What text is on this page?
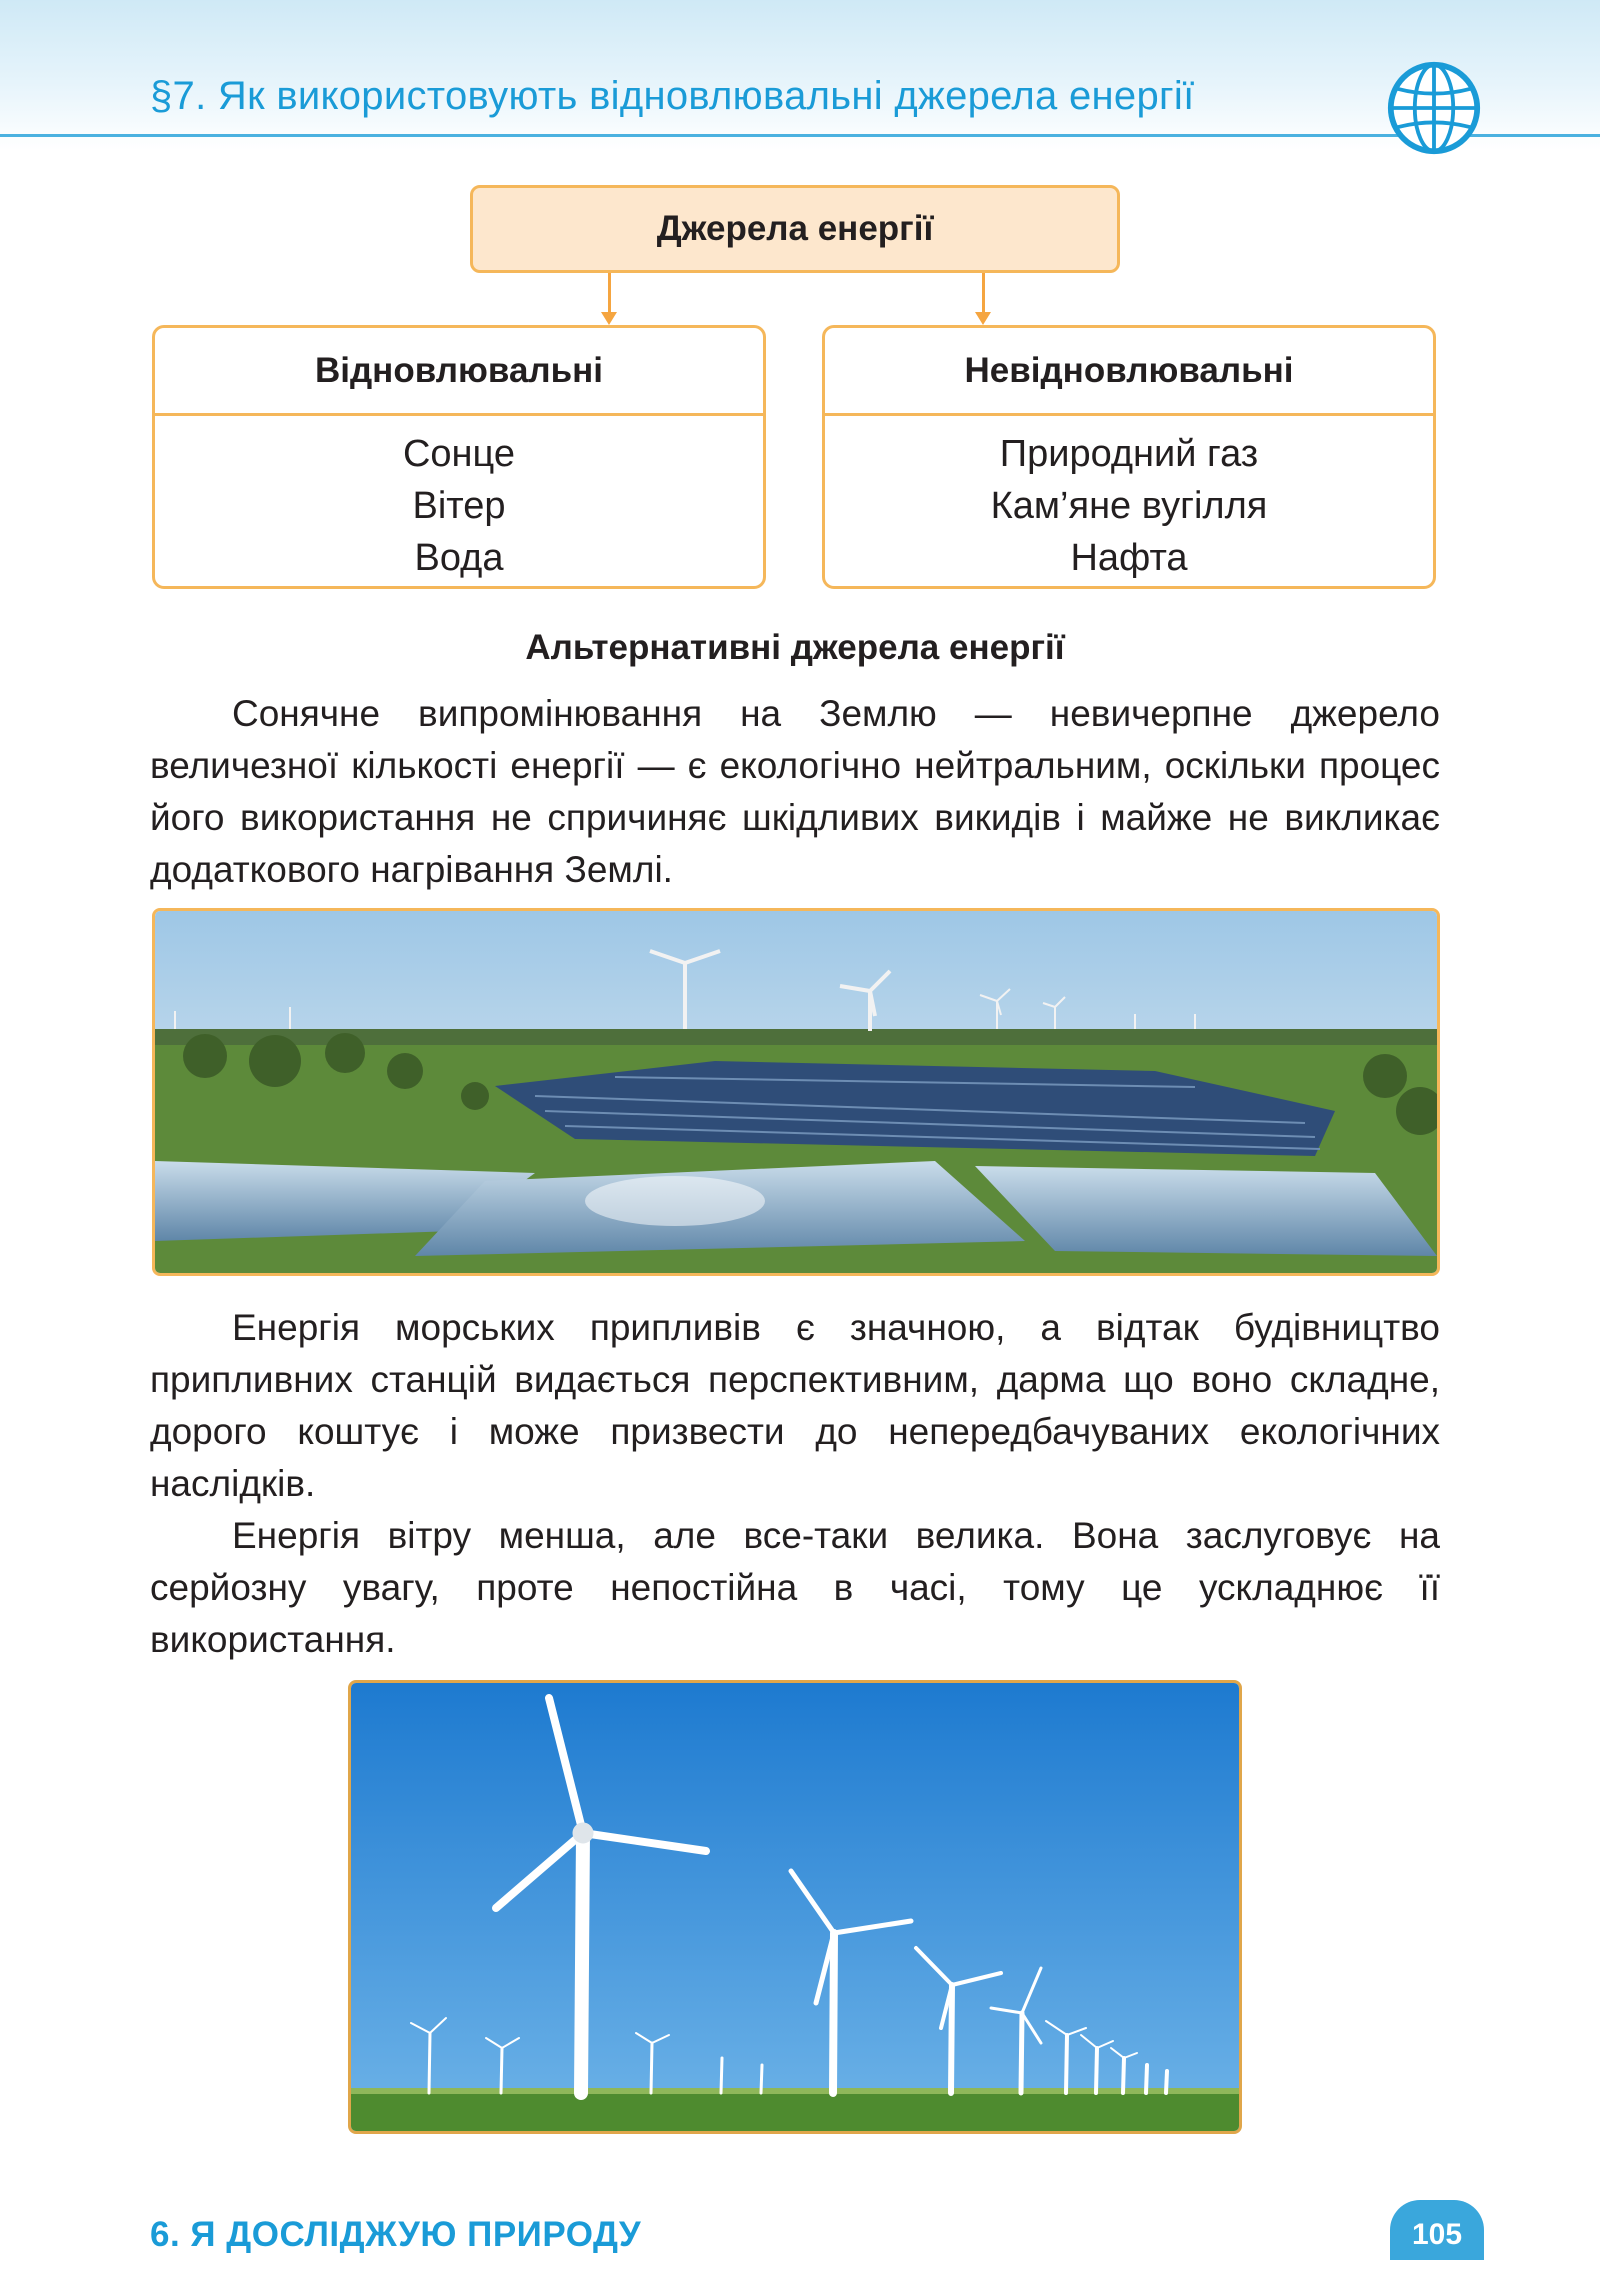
§7. Як використовують відновлювальні джерела енергії
Джерела енергії
Відновлювальні
Сонце
Вітер
Вода
Невідновлювальні
Природний газ
Кам’яне вугілля
Нафта
Альтернативні джерела енергії

Сонячне випромінювання на Землю — невичерпне джерело величезної кількості енергії — є екологічно нейтральним, оскільки процес його використання не спричиняє шкідливих викидів і майже не викликає додаткового нагрівання Землі.

Енергія морських припливів є значною, а відтак будівництво припливних станцій видається перспективним, дарма що воно складне, дорого коштує і може призвести до непередбачуваних екологічних наслідків.

Енергія вітру менша, але все-таки велика. Вона заслуговує на серйозну увагу, проте непостійна в часі, тому це ускладнює її використання.

6. Я ДОСЛІДЖУЮ ПРИРОДУ	105
